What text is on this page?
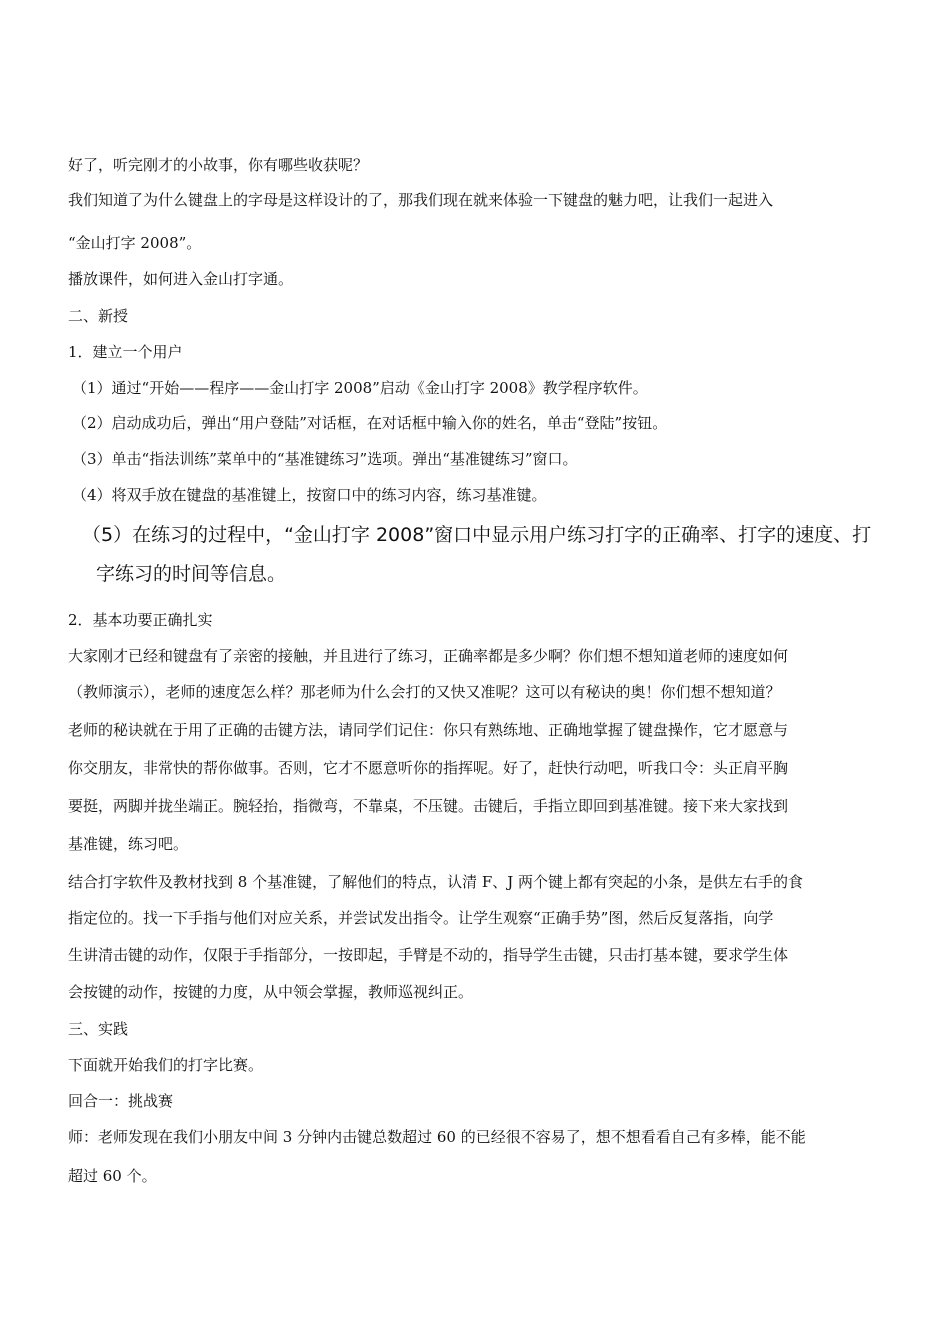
好了，听完刚才的小故事，你有哪些收获呢？
我们知道了为什么键盘上的字母是这样设计的了，那我们现在就来体验一下键盘的魅力吧，让我们一起进入
“金山打字 2008”。
播放课件，如何进入金山打字通。
二、新授
1．建立一个用户
（1）通过“开始——程序——金山打字 2008”启动《金山打字 2008》教学程序软件。
（2）启动成功后，弹出“用户登陆”对话框，在对话框中输入你的姓名，单击“登陆”按钮。
（3）单击“指法训练”菜单中的“基准键练习”选项。弹出“基准键练习”窗口。
（4）将双手放在键盘的基准键上，按窗口中的练习内容，练习基准键。
（5）在练习的过程中，“金山打字 2008”窗口中显示用户练习打字的正确率、打字的速度、打
字练习的时间等信息。
2．基本功要正确扎实
大家刚才已经和键盘有了亲密的接触，并且进行了练习，正确率都是多少啊？你们想不想知道老师的速度如何
（教师演示），老师的速度怎么样？那老师为什么会打的又快又准呢？这可以有秘诀的奥！你们想不想知道？
老师的秘诀就在于用了正确的击键方法，请同学们记住：你只有熟练地、正确地掌握了键盘操作，它才愿意与
你交朋友，非常快的帮你做事。否则，它才不愿意听你的指挥呢。好了，赶快行动吧，听我口令：头正肩平胸
要挺，两脚并拢坐端正。腕轻抬，指微弯，不靠桌，不压键。击键后，手指立即回到基准键。接下来大家找到
基准键，练习吧。
结合打字软件及教材找到 8 个基准键，了解他们的特点，认清 F、J 两个键上都有突起的小条，是供左右手的食
指定位的。找一下手指与他们对应关系，并尝试发出指令。让学生观察“正确手势”图，然后反复落指，向学
生讲清击键的动作，仅限于手指部分，一按即起，手臂是不动的，指导学生击键，只击打基本键，要求学生体
会按键的动作，按键的力度，从中领会掌握，教师巡视纠正。
三、实践
下面就开始我们的打字比赛。
回合一：挑战赛
师：老师发现在我们小朋友中间 3 分钟内击键总数超过 60 的已经很不容易了，想不想看看自己有多棒，能不能
超过 60 个。
